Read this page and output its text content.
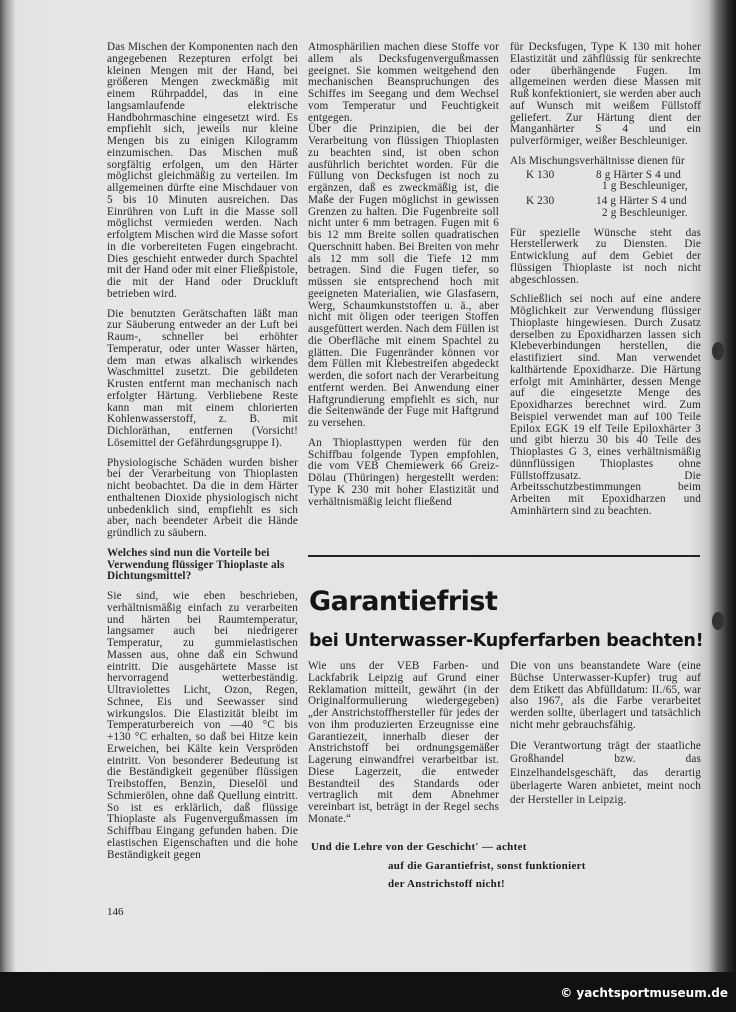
Das Mischen der Komponenten nach den angegebenen Rezepturen erfolgt bei kleinen Mengen mit der Hand, bei größeren Mengen zweckmäßig mit einem Rührpaddel, das in eine langsamlaufende elektrische Handbohrmaschine eingesetzt wird. Es empfiehlt sich, jeweils nur kleine Mengen bis zu einigen Kilogramm einzumischen. Das Mischen muß sorgfältig erfolgen, um den Härter möglichst gleichmäßig zu verteilen. Im allgemeinen dürfte eine Mischdauer von 5 bis 10 Minuten ausreichen. Das Einrühren von Luft in die Masse soll möglichst vermieden werden. Nach erfolgtem Mischen wird die Masse sofort in die vorbereiteten Fugen eingebracht. Dies geschieht entweder durch Spachtel mit der Hand oder mit einer Fließpistole, die mit der Hand oder Druckluft betrieben wird.

Die benutzten Gerätschaften läßt man zur Säuberung entweder an der Luft bei Raum-, schneller bei erhöhter Temperatur, oder unter Wasser härten, dem man etwas alkalisch wirkendes Waschmittel zusetzt. Die gebildeten Krusten entfernt man mechanisch nach erfolgter Härtung. Verbliebene Reste kann man mit einem chlorierten Kohlenwasserstoff, z. B. mit Dichloräthan, entfernen (Vorsicht! Lösemittel der Gefährdungsgruppe I).

Physiologische Schäden wurden bisher bei der Verarbeitung von Thioplasten nicht beobachtet. Da die in dem Härter enthaltenen Dioxide physiologisch nicht unbedenklich sind, empfiehlt es sich aber, nach beendeter Arbeit die Hände gründlich zu säubern.

Welches sind nun die Vorteile bei Verwendung flüssiger Thioplaste als Dichtungsmittel?

Sie sind, wie eben beschrieben, verhältnismäßig einfach zu verarbeiten und härten bei Raumtemperatur, langsamer auch bei niedrigerer Temperatur, zu gummielastischen Massen aus, ohne daß ein Schwund eintritt. Die ausgehärtete Masse ist hervorragend wetterbeständig. Ultraviolettes Licht, Ozon, Regen, Schnee, Eis und Seewasser sind wirkungslos. Die Elastizität bleibt im Temperaturbereich von —40 °C bis +130 °C erhalten, so daß bei Hitze kein Erweichen, bei Kälte kein Verspröden eintritt. Von besonderer Bedeutung ist die Beständigkeit gegenüber flüssigen Treibstoffen, Benzin, Dieselöl und Schmierölen, ohne daß Quellung eintritt. So ist es erklärlich, daß flüssige Thioplaste als Fugenvergußmassen im Schiffbau Eingang gefunden haben. Die elastischen Eigenschaften und die hohe Beständigkeit gegen

Atmosphärilien machen diese Stoffe vor allem als Decksfugenvergußmassen geeignet. Sie kommen weitgehend den mechanischen Beanspruchungen des Schiffes im Seegang und dem Wechsel vom Temperatur und Feuchtigkeit entgegen.

Über die Prinzipien, die bei der Verarbeitung von flüssigen Thioplasten zu beachten sind, ist oben schon ausführlich berichtet worden. Für die Füllung von Decksfugen ist noch zu ergänzen, daß es zweckmäßig ist, die Maße der Fugen möglichst in gewissen Grenzen zu halten. Die Fugenbreite soll nicht unter 6 mm betragen. Fugen mit 6 bis 12 mm Breite sollen quadratischen Querschnitt haben. Bei Breiten von mehr als 12 mm soll die Tiefe 12 mm betragen. Sind die Fugen tiefer, so müssen sie entsprechend hoch mit geeigneten Materialien, wie Glasfasern, Werg, Schaumkunststoffen u. ä., aber nicht mit öligen oder teerigen Stoffen ausgefüttert werden. Nach dem Füllen ist die Oberfläche mit einem Spachtel zu glätten. Die Fugenränder können vor dem Füllen mit Klebestreifen abgedeckt werden, die sofort nach der Verarbeitung entfernt werden. Bei Anwendung einer Haftgrundierung empfiehlt es sich, nur die Seitenwände der Fuge mit Haftgrund zu versehen.

An Thioplasttypen werden für den Schiffbau folgende Typen empfohlen, die vom VEB Chemiewerk 66 Greiz-Dölau (Thüringen) hergestellt werden: Type K 230 mit hoher Elastizität und verhältnismäßig leicht fließend

für Decksfugen, Type K 130 mit hoher Elastizität und zähflüssig für senkrechte oder überhängende Fugen. Im allgemeinen werden diese Massen mit Ruß konfektioniert, sie werden aber auch auf Wunsch mit weißem Füllstoff geliefert. Zur Härtung dient der Manganhärter S 4 und ein pulverförmiger, weißer Beschleuniger.

Als Mischungsverhältnisse dienen für

K 130	8 g Härter S 4 und
1 g Beschleuniger,

K 230	14 g Härter S 4 und
2 g Beschleuniger.

Für spezielle Wünsche steht das Herstellerwerk zu Diensten. Die Entwicklung auf dem Gebiet der flüssigen Thioplaste ist noch nicht abgeschlossen.

Schließlich sei noch auf eine andere Möglichkeit zur Verwendung flüssiger Thioplaste hingewiesen. Durch Zusatz derselben zu Epoxidharzen lassen sich Klebeverbindungen herstellen, die elastifiziert sind. Man verwendet kalthärtende Epoxidharze. Die Härtung erfolgt mit Aminhärter, dessen Menge auf die eingesetzte Menge des Epoxidharzes berechnet wird. Zum Beispiel verwendet man auf 100 Teile Epilox EGK 19 elf Teile Epiloxhärter 3 und gibt hierzu 30 bis 40 Teile des Thioplastes G 3, eines verhältnismäßig dünnflüssigen Thioplastes ohne Füllstoffzusatz. Die Arbeitsschutzbestimmungen beim Arbeiten mit Epoxidharzen und Aminhärtern sind zu beachten.

Garantiefrist
bei Unterwasser-Kupferfarben beachten!

Wie uns der VEB Farben- und Lackfabrik Leipzig auf Grund einer Reklamation mitteilt, gewährt (in der Originalformulierung wiedergegeben) „der Anstrichstoffhersteller für jedes der von ihm produzierten Erzeugnisse eine Garantiezeit, innerhalb dieser der Anstrichstoff bei ordnungsgemäßer Lagerung einwandfrei verarbeitbar ist. Diese Lagerzeit, die entweder Bestandteil des Standards oder vertraglich mit dem Abnehmer vereinbart ist, beträgt in der Regel sechs Monate.“

Die von uns beanstandete Ware (eine Büchse Unterwasser-Kupfer) trug auf dem Etikett das Abfülldatum: II./65, war also 1967, als die Farbe verarbeitet werden sollte, überlagert und tatsächlich nicht mehr gebrauchsfähig.

Die Verantwortung trägt der staatliche Großhandel bzw. das Einzelhandelsgeschäft, das derartig überlagerte Waren anbietet, meint noch der Hersteller in Leipzig.

Und die Lehre von der Geschicht' — achtet
auf die Garantiefrist, sonst funktioniert
der Anstrichstoff nicht!
146
© yachtsportmuseum.de
